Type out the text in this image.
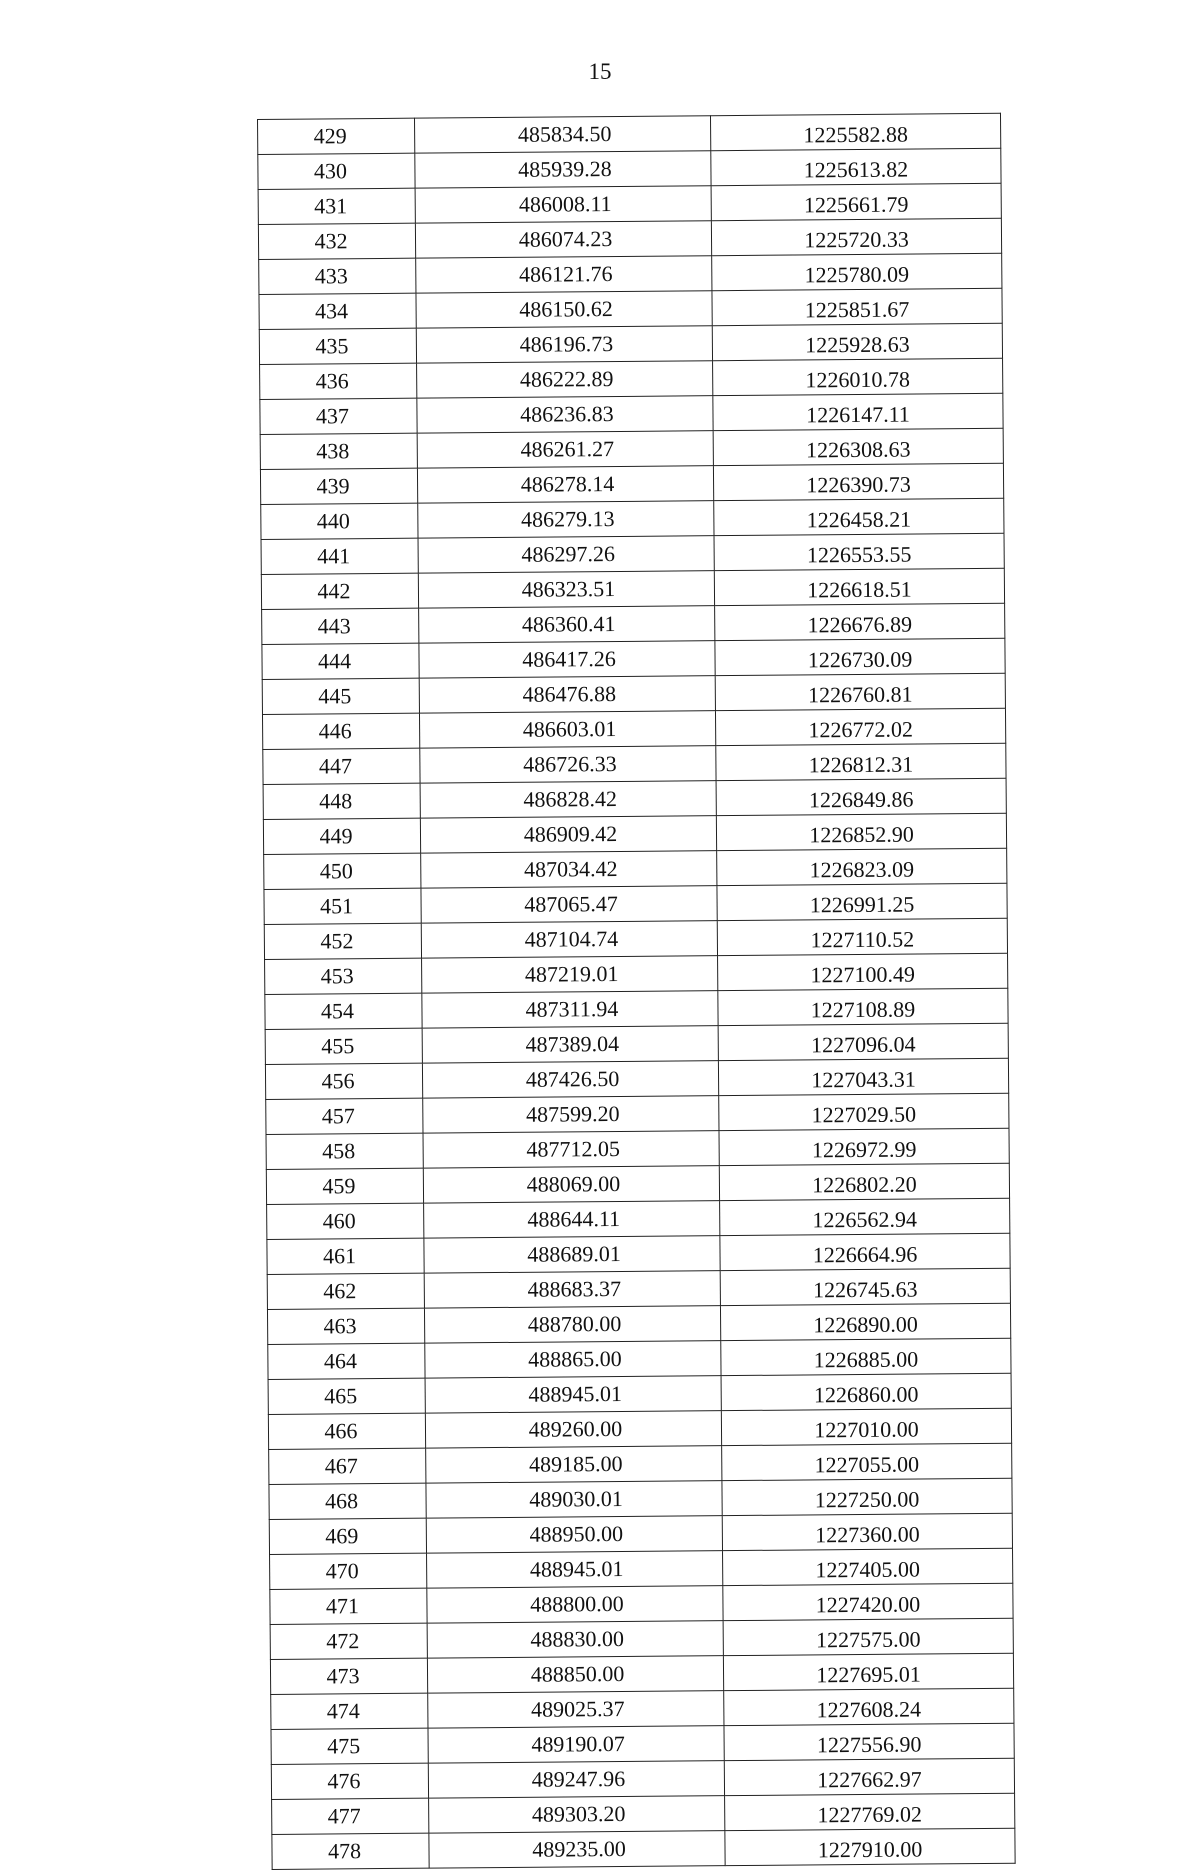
15
429	485834.50	1225582.88
430	485939.28	1225613.82
431	486008.11	1225661.79
432	486074.23	1225720.33
433	486121.76	1225780.09
434	486150.62	1225851.67
435	486196.73	1225928.63
436	486222.89	1226010.78
437	486236.83	1226147.11
438	486261.27	1226308.63
439	486278.14	1226390.73
440	486279.13	1226458.21
441	486297.26	1226553.55
442	486323.51	1226618.51
443	486360.41	1226676.89
444	486417.26	1226730.09
445	486476.88	1226760.81
446	486603.01	1226772.02
447	486726.33	1226812.31
448	486828.42	1226849.86
449	486909.42	1226852.90
450	487034.42	1226823.09
451	487065.47	1226991.25
452	487104.74	1227110.52
453	487219.01	1227100.49
454	487311.94	1227108.89
455	487389.04	1227096.04
456	487426.50	1227043.31
457	487599.20	1227029.50
458	487712.05	1226972.99
459	488069.00	1226802.20
460	488644.11	1226562.94
461	488689.01	1226664.96
462	488683.37	1226745.63
463	488780.00	1226890.00
464	488865.00	1226885.00
465	488945.01	1226860.00
466	489260.00	1227010.00
467	489185.00	1227055.00
468	489030.01	1227250.00
469	488950.00	1227360.00
470	488945.01	1227405.00
471	488800.00	1227420.00
472	488830.00	1227575.00
473	488850.00	1227695.01
474	489025.37	1227608.24
475	489190.07	1227556.90
476	489247.96	1227662.97
477	489303.20	1227769.02
478	489235.00	1227910.00
